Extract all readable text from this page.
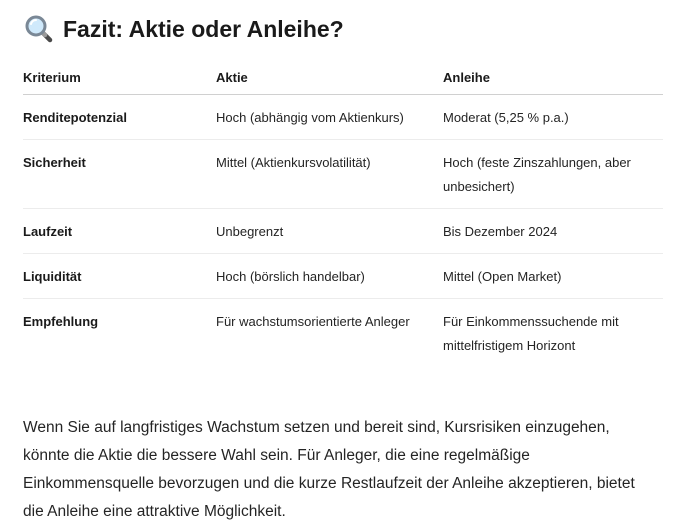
Fazit: Aktie oder Anleihe?
Kriterium	Aktie	Anleihe
Renditepotenzial	Hoch (abhängig vom Aktienkurs)	Moderat (5,25 % p.a.)
Sicherheit	Mittel (Aktienkursvolatilität)	Hoch (feste Zinszahlungen, aber unbesichert)
Laufzeit	Unbegrenzt	Bis Dezember 2024
Liquidität	Hoch (börslich handelbar)	Mittel (Open Market)
Empfehlung	Für wachstumsorientierte Anleger	Für Einkommenssuchende mit mittelfristigem Horizont

Wenn Sie auf langfristiges Wachstum setzen und bereit sind, Kursrisiken einzugehen, könnte die Aktie die bessere Wahl sein. Für Anleger, die eine regelmäßige Einkommensquelle bevorzugen und die kurze Restlaufzeit der Anleihe akzeptieren, bietet die Anleihe eine attraktive Möglichkeit.
